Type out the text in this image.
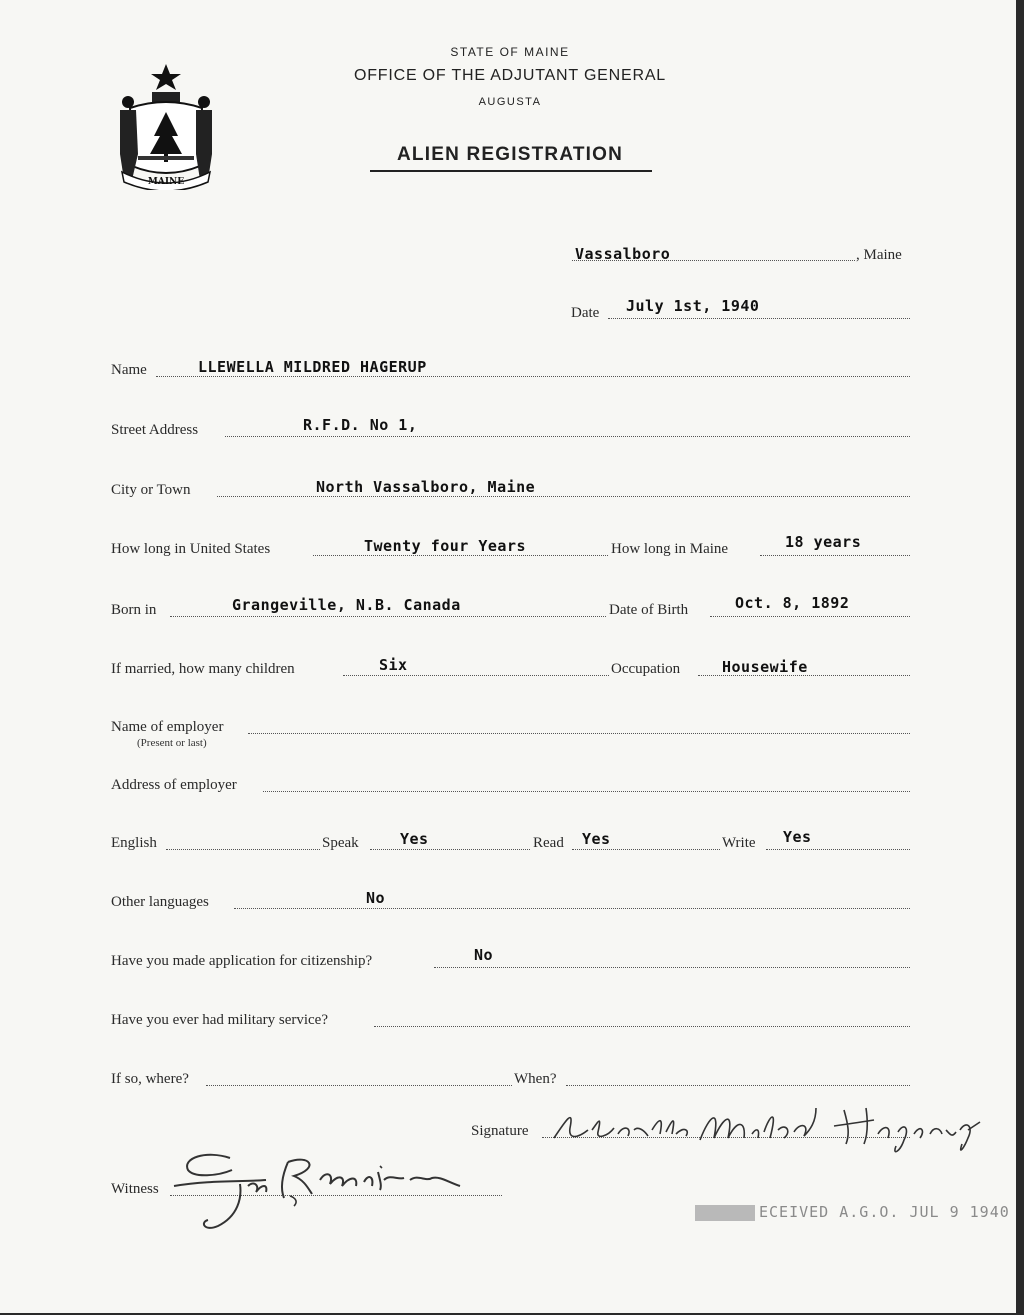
MAINE
STATE OF MAINE
OFFICE OF THE ADJUTANT GENERAL
AUGUSTA
ALIEN REGISTRATION
Vassalboro	, Maine
Date July 1st, 1940
Name	LLEWELLA MILDRED HAGERUP
Street Address	R.F.D. No 1,
City or Town	North Vassalboro, Maine
How long in United States	Twenty four Years	How long in Maine	18 years
Born in	Grangeville, N.B. Canada	Date of Birth	Oct. 8, 1892
If married, how many children	Six	Occupation	Housewife
Name of employer
(Present or last)
Address of employer
English	Speak	Yes	Read Yes	Write Yes
Other languages	No
Have you made application for citizenship?	No
Have you ever had military service?
If so, where?	When?
Signature
Llewella Mildred Hagerup
Witness
Guy R. Whitten
ECEIVED A.G.O. JUL 9 1940
